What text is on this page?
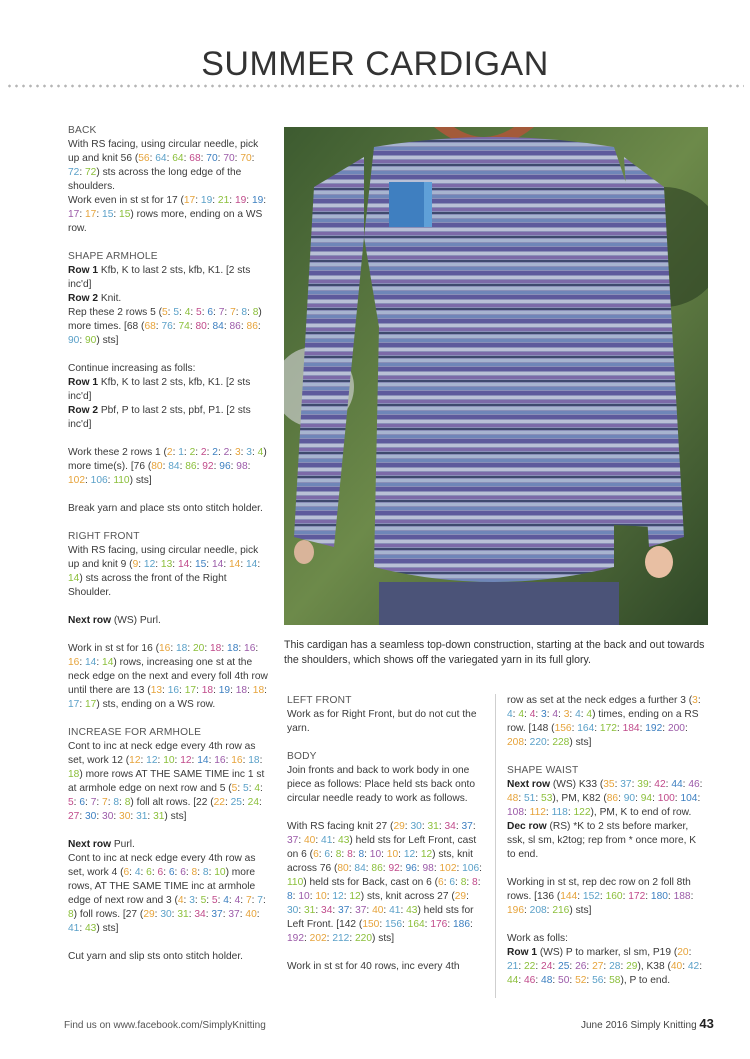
SUMMER CARDIGAN

BACK

With RS facing, using circular needle, pick up and knit 56 (56: 64: 64: 68: 70: 70: 70: 72: 72) sts across the long edge of the shoulders.

Work even in st st for 17 (17: 19: 21: 19: 19: 17: 17: 15: 15) rows more, ending on a WS row.

SHAPE ARMHOLE

Row 1 Kfb, K to last 2 sts, kfb, K1. [2 sts inc'd]

Row 2 Knit.

Rep these 2 rows 5 (5: 5: 4: 5: 6: 7: 7: 8: 8) more times. [68 (68: 76: 74: 80: 84: 86: 86: 90: 90) sts]

Continue increasing as folls:

Row 1 Kfb, K to last 2 sts, kfb, K1. [2 sts inc'd]

Row 2 Pbf, P to last 2 sts, pbf, P1. [2 sts inc'd]

Work these 2 rows 1 (2: 1: 2: 2: 2: 2: 3: 3: 4) more time(s). [76 (80: 84: 86: 92: 96: 98: 102: 106: 110) sts]

Break yarn and place sts onto stitch holder.

RIGHT FRONT

With RS facing, using circular needle, pick up and knit 9 (9: 12: 13: 14: 15: 14: 14: 14: 14) sts across the front of the Right Shoulder.

Next row (WS) Purl.

Work in st st for 16 (16: 18: 20: 18: 18: 16: 16: 14: 14) rows, increasing one st at the neck edge on the next and every foll 4th row until there are 13 (13: 16: 17: 18: 19: 18: 18: 17: 17) sts, ending on a WS row.

INCREASE FOR ARMHOLE

Cont to inc at neck edge every 4th row as set, work 12 (12: 12: 10: 12: 14: 16: 16: 18: 18) more rows AT THE SAME TIME inc 1 st at armhole edge on next row and 5 (5: 5: 4: 5: 6: 7: 7: 8: 8) foll alt rows. [22 (22: 25: 24: 27: 30: 30: 30: 31: 31) sts]

Next row Purl.

Cont to inc at neck edge every 4th row as set, work 4 (6: 4: 6: 6: 6: 6: 8: 8: 10) more rows, AT THE SAME TIME inc at armhole edge of next row and 3 (4: 3: 5: 5: 4: 4: 7: 7: 8) foll rows. [27 (29: 30: 31: 34: 37: 37: 40: 41: 43) sts]

Cut yarn and slip sts onto stitch holder.

This cardigan has a seamless top-down construction, starting at the back and out towards the shoulders, which shows off the variegated yarn in its full glory.

LEFT FRONT

Work as for Right Front, but do not cut the yarn.

BODY

Join fronts and back to work body in one piece as follows: Place held sts back onto circular needle ready to work as follows.

With RS facing knit 27 (29: 30: 31: 34: 37: 37: 40: 41: 43) held sts for Left Front, cast on 6 (6: 6: 8: 8: 8: 10: 10: 12: 12) sts, knit across 76 (80: 84: 86: 92: 96: 98: 102: 106: 110) held sts for Back, cast on 6 (6: 6: 8: 8: 8: 10: 10: 12: 12) sts, knit across 27 (29: 30: 31: 34: 37: 37: 40: 41: 43) held sts for Left Front. [142 (150: 156: 164: 176: 186: 192: 202: 212: 220) sts]

Work in st st for 40 rows, inc every 4th

row as set at the neck edges a further 3 (3: 4: 4: 4: 3: 4: 3: 4: 4) times, ending on a RS row. [148 (156: 164: 172: 184: 192: 200: 208: 220: 228) sts]

SHAPE WAIST

Next row (WS) K33 (35: 37: 39: 42: 44: 46: 48: 51: 53), PM, K82 (86: 90: 94: 100: 104: 108: 112: 118: 122), PM, K to end of row.

Dec row (RS) *K to 2 sts before marker, ssk, sl sm, k2tog; rep from * once more, K to end.

Working in st st, rep dec row on 2 foll 8th rows. [136 (144: 152: 160: 172: 180: 188: 196: 208: 216) sts]

Work as folls:

Row 1 (WS) P to marker, sl sm, P19 (20: 21: 22: 24: 25: 26: 27: 28: 29), K38 (40: 42: 44: 46: 48: 50: 52: 56: 58), P to end.

Find us on www.facebook.com/SimplyKnitting	June 2016 Simply Knitting 43
